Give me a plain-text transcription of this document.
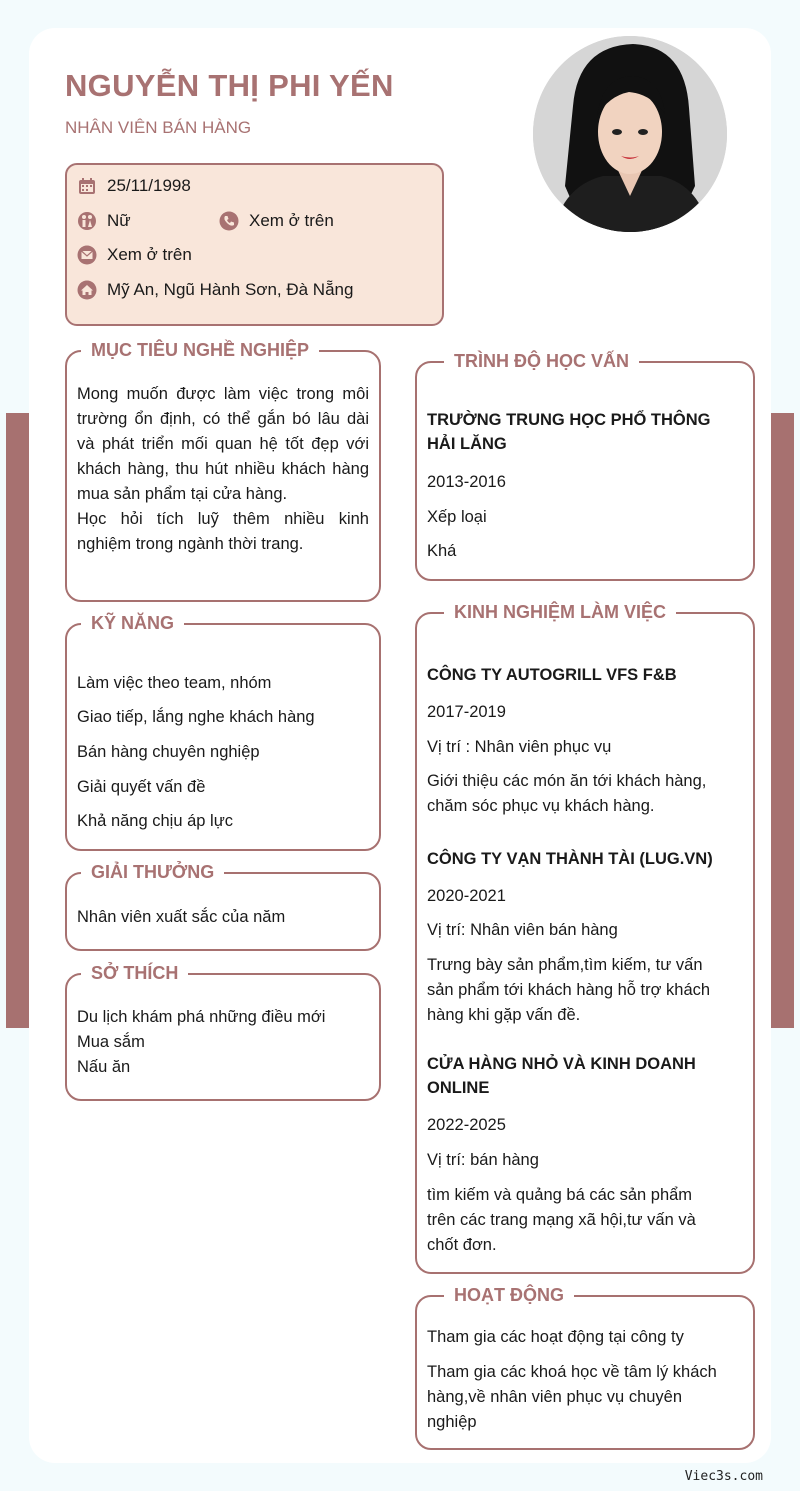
NGUYỄN THỊ PHI YẾN
NHÂN VIÊN BÁN HÀNG
25/11/1998
Nữ	Xem ở trên
Xem ở trên
Mỹ An, Ngũ Hành Sơn, Đà Nẵng
MỤC TIÊU NGHỀ NGHIỆP
Mong muốn được làm việc trong môi trường ổn định, có thể gắn bó lâu dài và phát triển mối quan hệ tốt đẹp với khách hàng, thu hút nhiều khách hàng mua sản phẩm tại cửa hàng.
Học hỏi tích luỹ thêm nhiều kinh nghiệm trong ngành thời trang.
KỸ NĂNG
Làm việc theo team, nhóm
Giao tiếp, lắng nghe khách hàng
Bán hàng chuyên nghiệp
Giải quyết vấn đề
Khả năng chịu áp lực
GIẢI THƯỞNG
Nhân viên xuất sắc của năm
SỞ THÍCH
Du lịch khám phá những điều mới
Mua sắm
Nấu ăn
TRÌNH ĐỘ HỌC VẤN
TRƯỜNG TRUNG HỌC PHỔ THÔNG HẢI LĂNG
2013-2016
Xếp loại
Khá
KINH NGHIỆM LÀM VIỆC
CÔNG TY AUTOGRILL VFS F&B
2017-2019
Vị trí : Nhân viên phục vụ
Giới thiệu các món ăn tới khách hàng, chăm sóc phục vụ khách hàng.
CÔNG TY VẠN THÀNH TÀI (LUG.VN)
2020-2021
Vị trí: Nhân viên bán hàng
Trưng bày sản phẩm,tìm kiếm, tư vấn sản phẩm tới khách hàng hỗ trợ khách hàng khi gặp vấn đề.
CỬA HÀNG NHỎ VÀ KINH DOANH ONLINE
2022-2025
Vị trí: bán hàng
tìm kiếm và quảng bá các sản phẩm trên các trang mạng xã hội,tư vấn và chốt đơn.
HOẠT ĐỘNG
Tham gia các hoạt động tại công ty
Tham gia các khoá học về tâm lý khách hàng,về nhân viên phục vụ chuyên nghiệp
Viec3s.com
